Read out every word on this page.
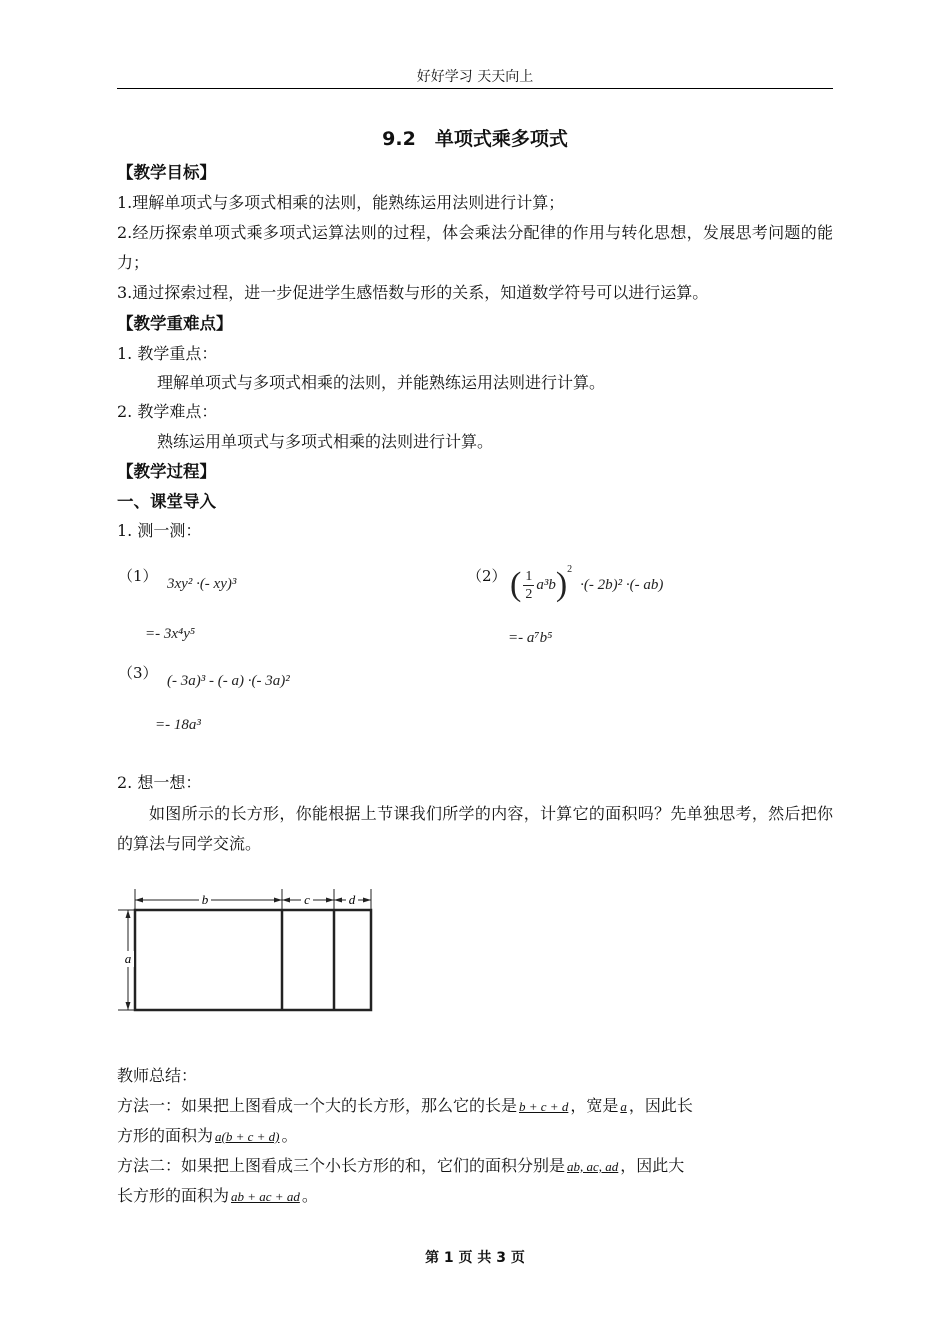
好好学习 天天向上
9.2　单项式乘多项式
【教学目标】
1.理解单项式与多项式相乘的法则，能熟练运用法则进行计算；
2.经历探索单项式乘多项式运算法则的过程，体会乘法分配律的作用与转化思想，发展思考问题的能力；
3.通过探索过程，进一步促进学生感悟数与形的关系，知道数学符号可以进行运算。
【教学重难点】
1. 教学重点：
理解单项式与多项式相乘的法则，并能熟练运用法则进行计算。
2. 教学难点：
熟练运用单项式与多项式相乘的法则进行计算。
【教学过程】
一、课堂导入
1. 测一测：
（1） 3xy² ·(- xy)³
=- 3x⁴y⁵
（2） ( $\frac{1}{2} a^3b$ )$^2$
·(- 2b)² ·(- ab)
=- a⁷b⁵
（3） (- 3a)³ - (- a) ·(- 3a)²
=- 18a³
2. 想一想：
如图所示的长方形，你能根据上节课我们所学的内容，计算它的面积吗？先单独思考，然后把你的算法与同学交流。
b	c	d
a
教师总结：
方法一：如果把上图看成一个大的长方形，那么它的长是 b + c + d ，宽是 a ，因此长
方形的面积为 a(b + c + d) 。
方法二：如果把上图看成三个小长方形的和，它们的面积分别是 ab, ac, ad ，因此大
长方形的面积为 ab + ac + ad 。
第 1 页 共 3 页
